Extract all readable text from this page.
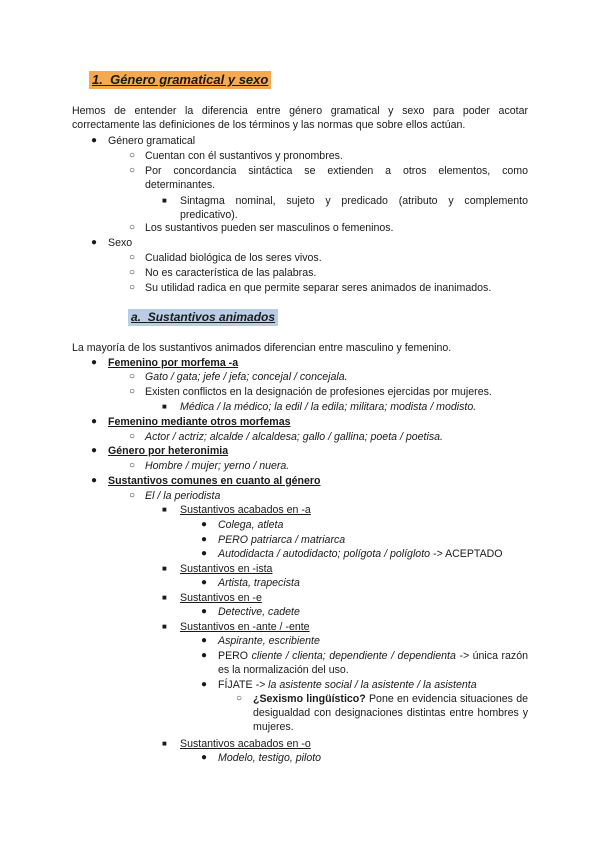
1. Género gramatical y sexo
Hemos de entender la diferencia entre género gramatical y sexo para poder acotar correctamente las definiciones de los términos y las normas que sobre ellos actúan.
● Género gramatical
○ Cuentan con él sustantivos y pronombres.
○ Por concordancia sintáctica se extienden a otros elementos, como determinantes.
■ Sintagma nominal, sujeto y predicado (atributo y complemento predicativo).
○ Los sustantivos pueden ser masculinos o femeninos.
● Sexo
○ Cualidad biológica de los seres vivos.
○ No es característica de las palabras.
○ Su utilidad radica en que permite separar seres animados de inanimados.
a. Sustantivos animados
La mayoría de los sustantivos animados diferencian entre masculino y femenino.
● Femenino por morfema -a
○ Gato / gata; jefe / jefa; concejal / concejala.
○ Existen conflictos en la designación de profesiones ejercidas por mujeres.
■ Médica / la médico; la edil / la edila; militara; modista / modisto.
● Femenino mediante otros morfemas
○ Actor / actriz; alcalde / alcaldesa; gallo / gallina; poeta / poetisa.
● Género por heteronimia
○ Hombre / mujer; yerno / nuera.
● Sustantivos comunes en cuanto al género
○ El / la periodista
■ Sustantivos acabados en -a
● Colega, atleta
● PERO patriarca / matriarca
● Autodidacta / autodidacto; polígota / polígloto -> ACEPTADO
■ Sustantivos en -ista
● Artista, trapecista
■ Sustantivos en -e
● Detective, cadete
■ Sustantivos en -ante / -ente
● Aspirante, escribiente
● PERO cliente / clienta; dependiente / dependienta -> única razón es la normalización del uso.
● FÍJATE -> la asistente social / la asistente / la asistenta
○ ¿Sexismo lingüístico? Pone en evidencia situaciones de desigualdad con designaciones distintas entre hombres y mujeres.
■ Sustantivos acabados en -o
● Modelo, testigo, piloto
